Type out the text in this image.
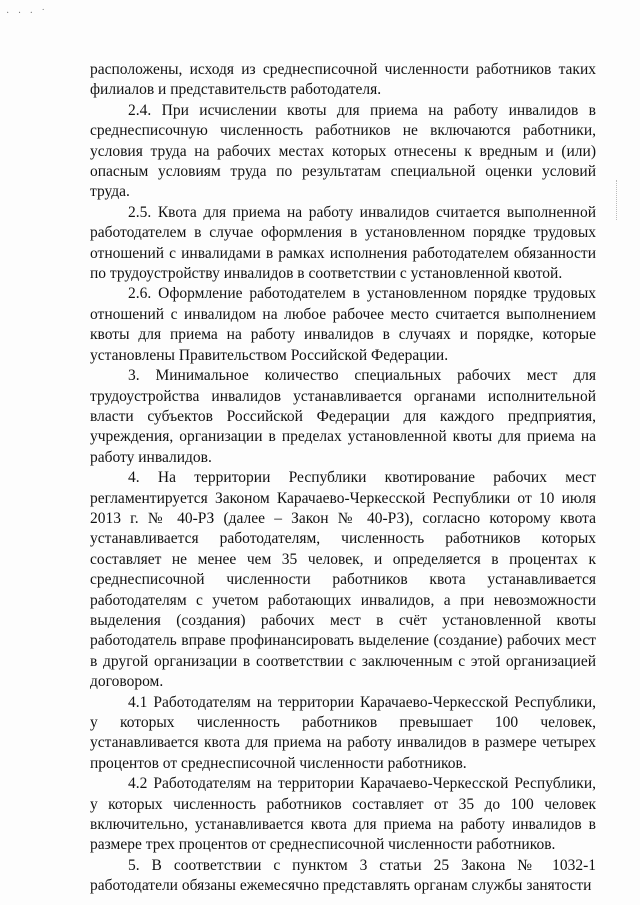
· · · ˙

расположены, исходя из среднесписочной численности работников таких филиалов и представительств работодателя.

2.4. При исчислении квоты для приема на работу инвалидов в среднесписочную численность работников не включаются работники, условия труда на рабочих местах которых отнесены к вредным и (или) опасным условиям труда по результатам специальной оценки условий труда.

2.5. Квота для приема на работу инвалидов считается выполненной работодателем в случае оформления в установленном порядке трудовых отношений с инвалидами в рамках исполнения работодателем обязанности по трудоустройству инвалидов в соответствии с установленной квотой.

2.6. Оформление работодателем в установленном порядке трудовых отношений с инвалидом на любое рабочее место считается выполнением квоты для приема на работу инвалидов в случаях и порядке, которые установлены Правительством Российской Федерации.

3. Минимальное количество специальных рабочих мест для трудоустройства инвалидов устанавливается органами исполнительной власти субъектов Российской Федерации для каждого предприятия, учреждения, организации в пределах установленной квоты для приема на работу инвалидов.

4. На территории Республики квотирование рабочих мест регламентируется Законом Карачаево-Черкесской Республики от 10 июля 2013 г. № 40-РЗ (далее – Закон № 40-РЗ), согласно которому квота устанавливается работодателям, численность работников которых составляет не менее чем 35 человек, и определяется в процентах к среднесписочной численности работников квота устанавливается работодателям с учетом работающих инвалидов, а при невозможности выделения (создания) рабочих мест в счёт установленной квоты работодатель вправе профинансировать выделение (создание) рабочих мест в другой организации в соответствии с заключенным с этой организацией договором.

4.1 Работодателям на территории Карачаево-Черкесской Республики, у которых численность работников превышает 100 человек, устанавливается квота для приема на работу инвалидов в размере четырех процентов от среднесписочной численности работников.

4.2 Работодателям на территории Карачаево-Черкесской Республики, у которых численность работников составляет от 35 до 100 человек включительно, устанавливается квота для приема на работу инвалидов в размере трех процентов от среднесписочной численности работников.

5. В соответствии с пунктом 3 статьи 25 Закона № 1032-1 работодатели обязаны ежемесячно представлять органам службы занятости
